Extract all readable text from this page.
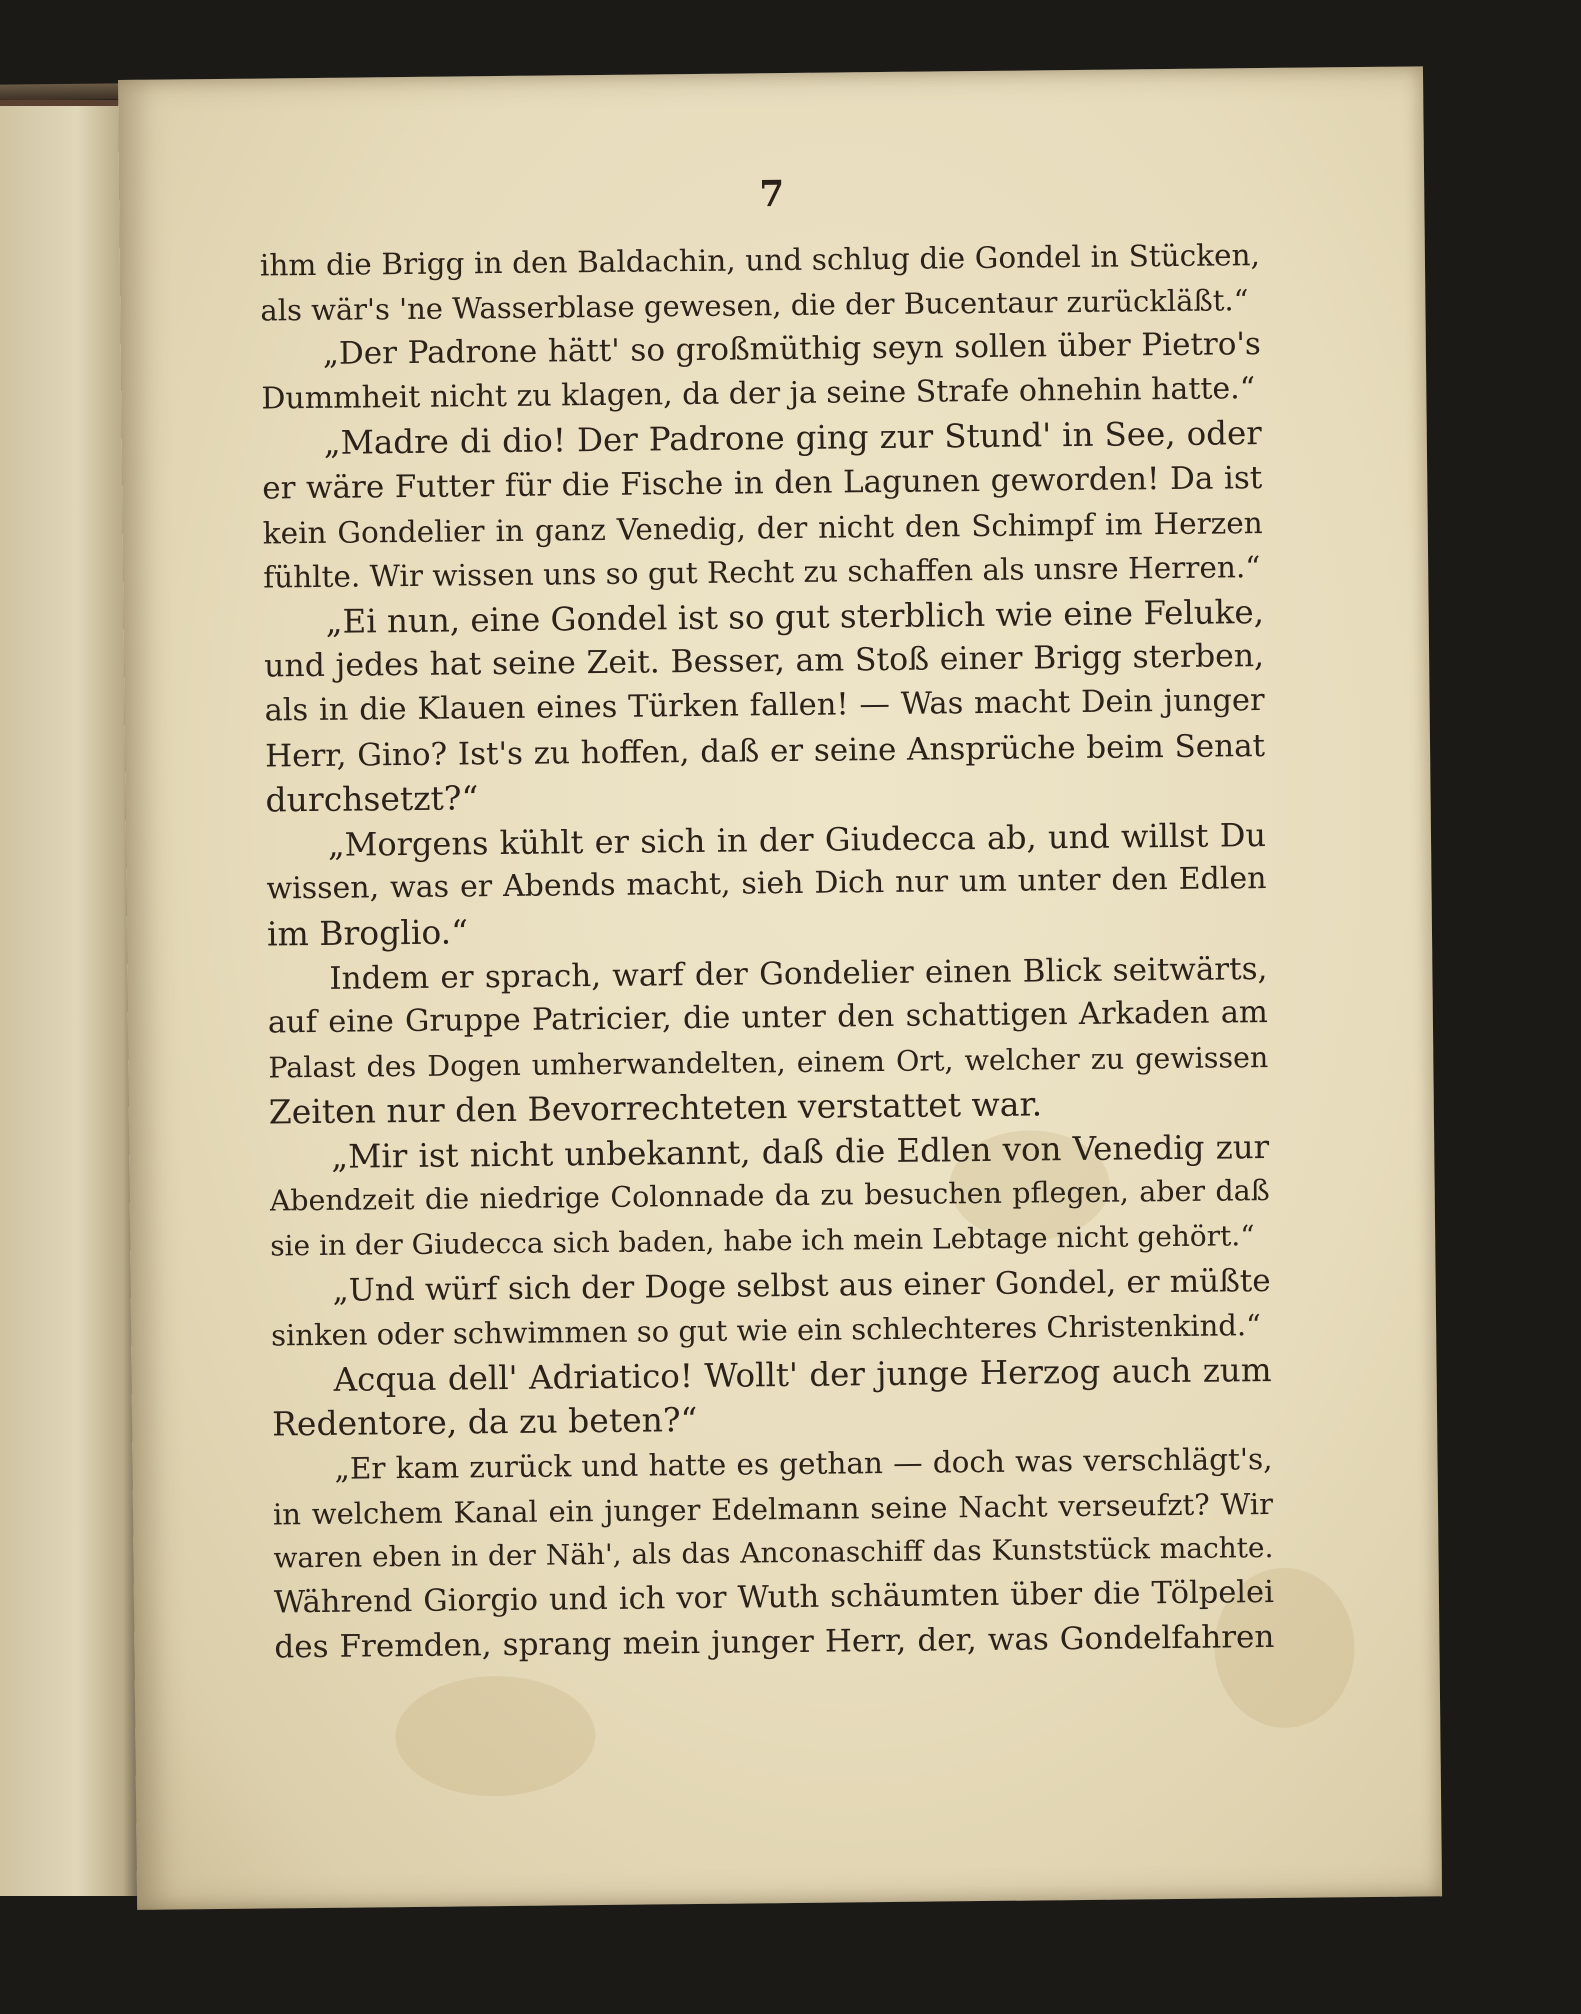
7
ihm die Brigg in den Baldachin, und schlug die Gondel in Stücken,
als wär's 'ne Wasserblase gewesen, die der Bucentaur zurückläßt.“
„Der Padrone hätt' so großmüthig seyn sollen über Pietro's
Dummheit nicht zu klagen, da der ja seine Strafe ohnehin hatte.“
„Madre di dio! Der Padrone ging zur Stund' in See, oder
er wäre Futter für die Fische in den Lagunen geworden! Da ist
kein Gondelier in ganz Venedig, der nicht den Schimpf im Herzen
fühlte. Wir wissen uns so gut Recht zu schaffen als unsre Herren.“
„Ei nun, eine Gondel ist so gut sterblich wie eine Feluke,
und jedes hat seine Zeit. Besser, am Stoß einer Brigg sterben,
als in die Klauen eines Türken fallen! — Was macht Dein junger
Herr, Gino? Ist's zu hoffen, daß er seine Ansprüche beim Senat
durchsetzt?“
„Morgens kühlt er sich in der Giudecca ab, und willst Du
wissen, was er Abends macht, sieh Dich nur um unter den Edlen
im Broglio.“
Indem er sprach, warf der Gondelier einen Blick seitwärts,
auf eine Gruppe Patricier, die unter den schattigen Arkaden am
Palast des Dogen umherwandelten, einem Ort, welcher zu gewissen
Zeiten nur den Bevorrechteten verstattet war.
„Mir ist nicht unbekannt, daß die Edlen von Venedig zur
Abendzeit die niedrige Colonnade da zu besuchen pflegen, aber daß
sie in der Giudecca sich baden, habe ich mein Lebtage nicht gehört.“
„Und würf sich der Doge selbst aus einer Gondel, er müßte
sinken oder schwimmen so gut wie ein schlechteres Christenkind.“
Acqua dell' Adriatico! Wollt' der junge Herzog auch zum
Redentore, da zu beten?“
„Er kam zurück und hatte es gethan — doch was verschlägt's,
in welchem Kanal ein junger Edelmann seine Nacht verseufzt? Wir
waren eben in der Näh', als das Anconaschiff das Kunststück machte.
Während Giorgio und ich vor Wuth schäumten über die Tölpelei
des Fremden, sprang mein junger Herr, der, was Gondelfahren
